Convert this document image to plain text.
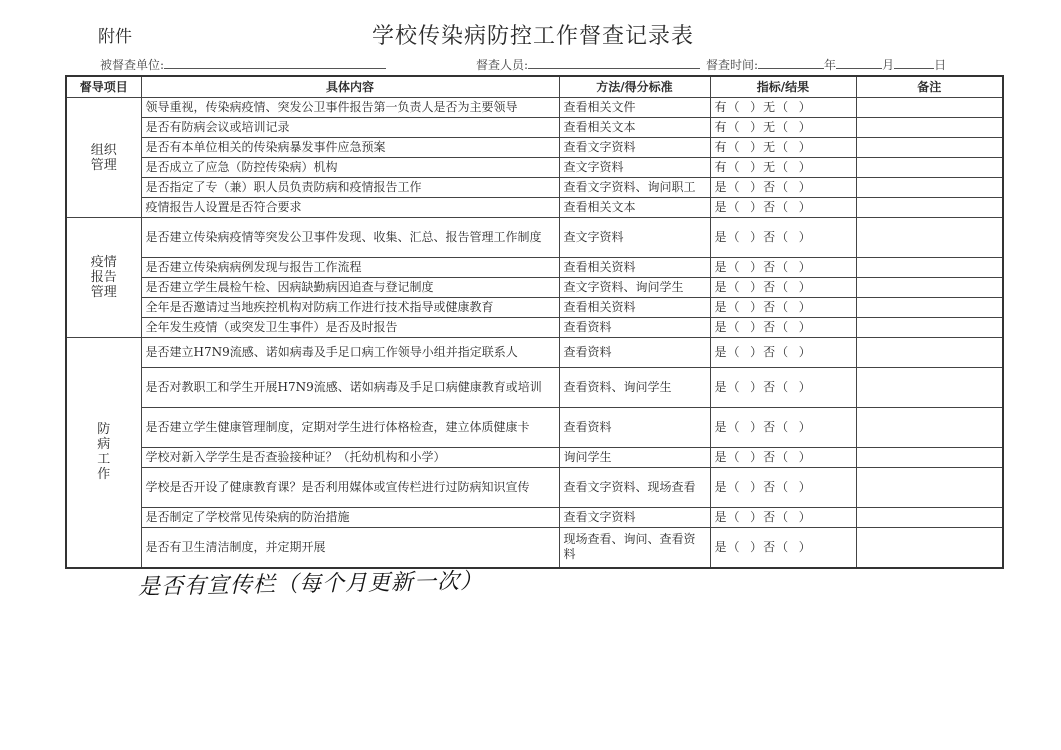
附件	学校传染病防控工作督查记录表
被督查单位:	督查人员:	督查时间:	年	月	日
督导项目	具体内容	方法/得分标准	指标/结果	备注

组织
管理	领导重视，传染病疫情、突发公卫事件报告第一负责人是否为主要领导	查看相关文件	有（  ）无（  ）	
	是否有防病会议或培训记录	查看相关文本	有（  ）无（  ）	
	是否有本单位相关的传染病暴发事件应急预案	查看文字资料	有（  ）无（  ）	
	是否成立了应急（防控传染病）机构	查文字资料	有（  ）无（  ）	
	是否指定了专（兼）职人员负责防病和疫情报告工作	查看文字资料、询问职工	是（  ）否（  ）	
	疫情报告人设置是否符合要求	查看相关文本	是（  ）否（  ）	

疫情
报告
管理	是否建立传染病疫情等突发公卫事件发现、收集、汇总、报告管理工作制度	查文字资料	是（  ）否（  ）	
	是否建立传染病病例发现与报告工作流程	查看相关资料	是（  ）否（  ）	
	是否建立学生晨检午检、因病缺勤病因追查与登记制度	查文字资料、询问学生	是（  ）否（  ）	
	全年是否邀请过当地疾控机构对防病工作进行技术指导或健康教育	查看相关资料	是（  ）否（  ）	
	全年发生疫情（或突发卫生事件）是否及时报告	查看资料	是（  ）否（  ）	

防
病
工
作	是否建立H7N9流感、诺如病毒及手足口病工作领导小组并指定联系人	查看资料	是（  ）否（  ）	
	是否对教职工和学生开展H7N9流感、诺如病毒及手足口病健康教育或培训	查看资料、询问学生	是（  ）否（  ）	
	是否建立学生健康管理制度，定期对学生进行体格检查，建立体质健康卡	查看资料	是（  ）否（  ）	
	学校对新入学学生是否查验接种证？（托幼机构和小学）	询问学生	是（  ）否（  ）	
	学校是否开设了健康教育课？是否利用媒体或宣传栏进行过防病知识宣传	查看文字资料、现场查看	是（  ）否（  ）	
	是否制定了学校常见传染病的防治措施	查看文字资料	是（  ）否（  ）	
	是否有卫生清洁制度，并定期开展	现场查看、询问、查看资料	是（  ）否（  ）	
是否有宣传栏（每个月更新一次）
